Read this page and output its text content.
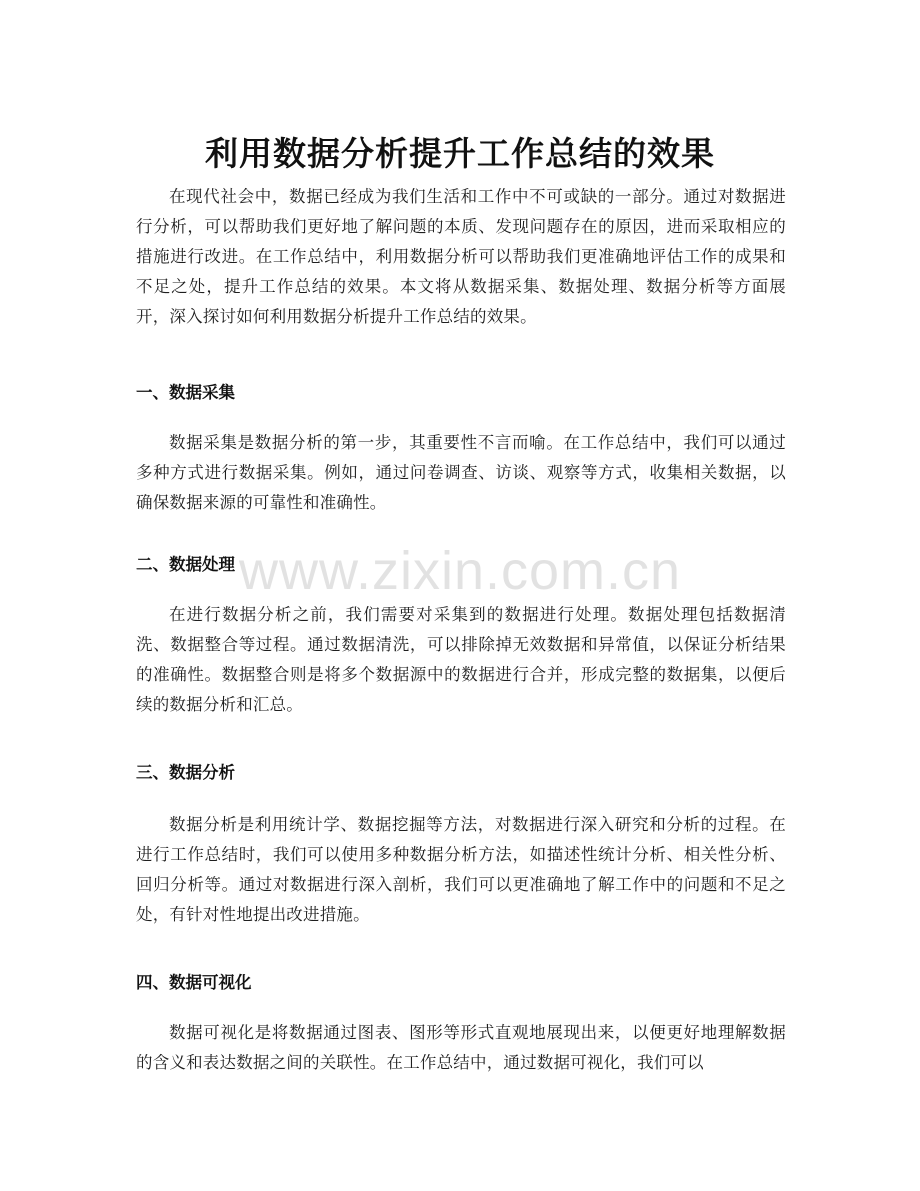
利用数据分析提升工作总结的效果

在现代社会中，数据已经成为我们生活和工作中不可或缺的一部分。通过对数据进行分析，可以帮助我们更好地了解问题的本质、发现问题存在的原因，进而采取相应的措施进行改进。在工作总结中，利用数据分析可以帮助我们更准确地评估工作的成果和不足之处，提升工作总结的效果。本文将从数据采集、数据处理、数据分析等方面展开，深入探讨如何利用数据分析提升工作总结的效果。

一、数据采集

数据采集是数据分析的第一步，其重要性不言而喻。在工作总结中，我们可以通过多种方式进行数据采集。例如，通过问卷调查、访谈、观察等方式，收集相关数据，以确保数据来源的可靠性和准确性。

二、数据处理

在进行数据分析之前，我们需要对采集到的数据进行处理。数据处理包括数据清洗、数据整合等过程。通过数据清洗，可以排除掉无效数据和异常值，以保证分析结果的准确性。数据整合则是将多个数据源中的数据进行合并，形成完整的数据集，以便后续的数据分析和汇总。

三、数据分析

数据分析是利用统计学、数据挖掘等方法，对数据进行深入研究和分析的过程。在进行工作总结时，我们可以使用多种数据分析方法，如描述性统计分析、相关性分析、回归分析等。通过对数据进行深入剖析，我们可以更准确地了解工作中的问题和不足之处，有针对性地提出改进措施。

四、数据可视化

数据可视化是将数据通过图表、图形等形式直观地展现出来，以便更好地理解数据的含义和表达数据之间的关联性。在工作总结中，通过数据可视化，我们可以

www.zixin.com.cn
